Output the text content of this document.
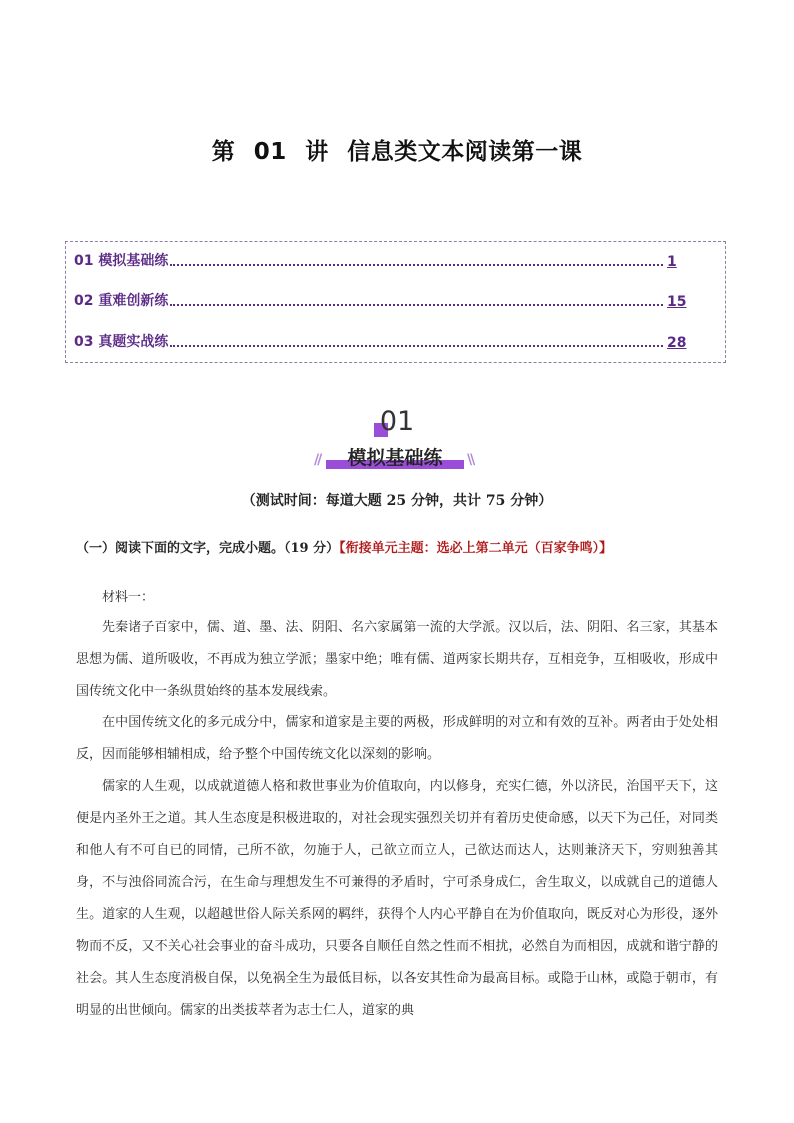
第 01 讲 信息类文本阅读第一课
01 模拟基础练	1
02 重难创新练	15
03 真题实战练	28
01
模拟基础练
//	\\
（测试时间：每道大题 25 分钟，共计 75 分钟）
（一）阅读下面的文字，完成小题。（19 分）【衔接单元主题：选必上第二单元（百家争鸣）】

材料一：

先秦诸子百家中，儒、道、墨、法、阴阳、名六家属第一流的大学派。汉以后，法、阴阳、名三家，其基本思想为儒、道所吸收，不再成为独立学派；墨家中绝；唯有儒、道两家长期共存，互相竞争，互相吸收，形成中国传统文化中一条纵贯始终的基本发展线索。

在中国传统文化的多元成分中，儒家和道家是主要的两极，形成鲜明的对立和有效的互补。两者由于处处相反，因而能够相辅相成，给予整个中国传统文化以深刻的影响。

儒家的人生观，以成就道德人格和救世事业为价值取向，内以修身，充实仁德，外以济民，治国平天下，这便是内圣外王之道。其人生态度是积极进取的，对社会现实强烈关切并有着历史使命感，以天下为己任，对同类和他人有不可自已的同情，己所不欲，勿施于人，己欲立而立人，己欲达而达人，达则兼济天下，穷则独善其身，不与浊俗同流合污，在生命与理想发生不可兼得的矛盾时，宁可杀身成仁，舍生取义，以成就自己的道德人生。道家的人生观，以超越世俗人际关系网的羁绊，获得个人内心平静自在为价值取向，既反对心为形役，逐外物而不反，又不关心社会事业的奋斗成功，只要各自顺任自然之性而不相扰，必然自为而相因，成就和谐宁静的社会。其人生态度消极自保，以免祸全生为最低目标，以各安其性命为最高目标。或隐于山林，或隐于朝市，有明显的出世倾向。儒家的出类拔萃者为志士仁人，道家的典
